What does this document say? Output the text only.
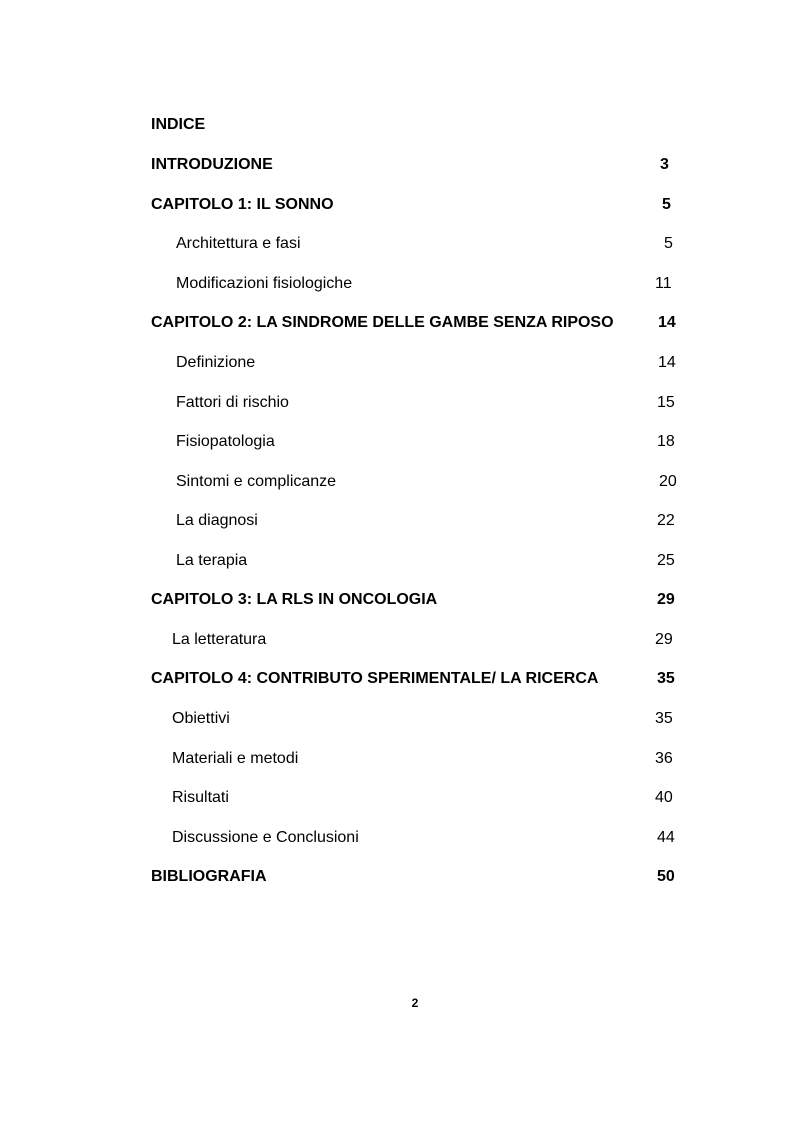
INDICE
INTRODUZIONE	3
CAPITOLO 1: IL SONNO	5
Architettura e fasi	5
Modificazioni fisiologiche	11
CAPITOLO 2: LA SINDROME DELLE GAMBE SENZA RIPOSO	14
Definizione	14
Fattori di rischio	15
Fisiopatologia	18
Sintomi e complicanze	20
La diagnosi	22
La terapia	25
CAPITOLO 3: LA RLS IN ONCOLOGIA	29
La letteratura	29
CAPITOLO 4: CONTRIBUTO SPERIMENTALE/ LA RICERCA	35
Obiettivi	35
Materiali e metodi	36
Risultati	40
Discussione e Conclusioni	44
BIBLIOGRAFIA	50
2
